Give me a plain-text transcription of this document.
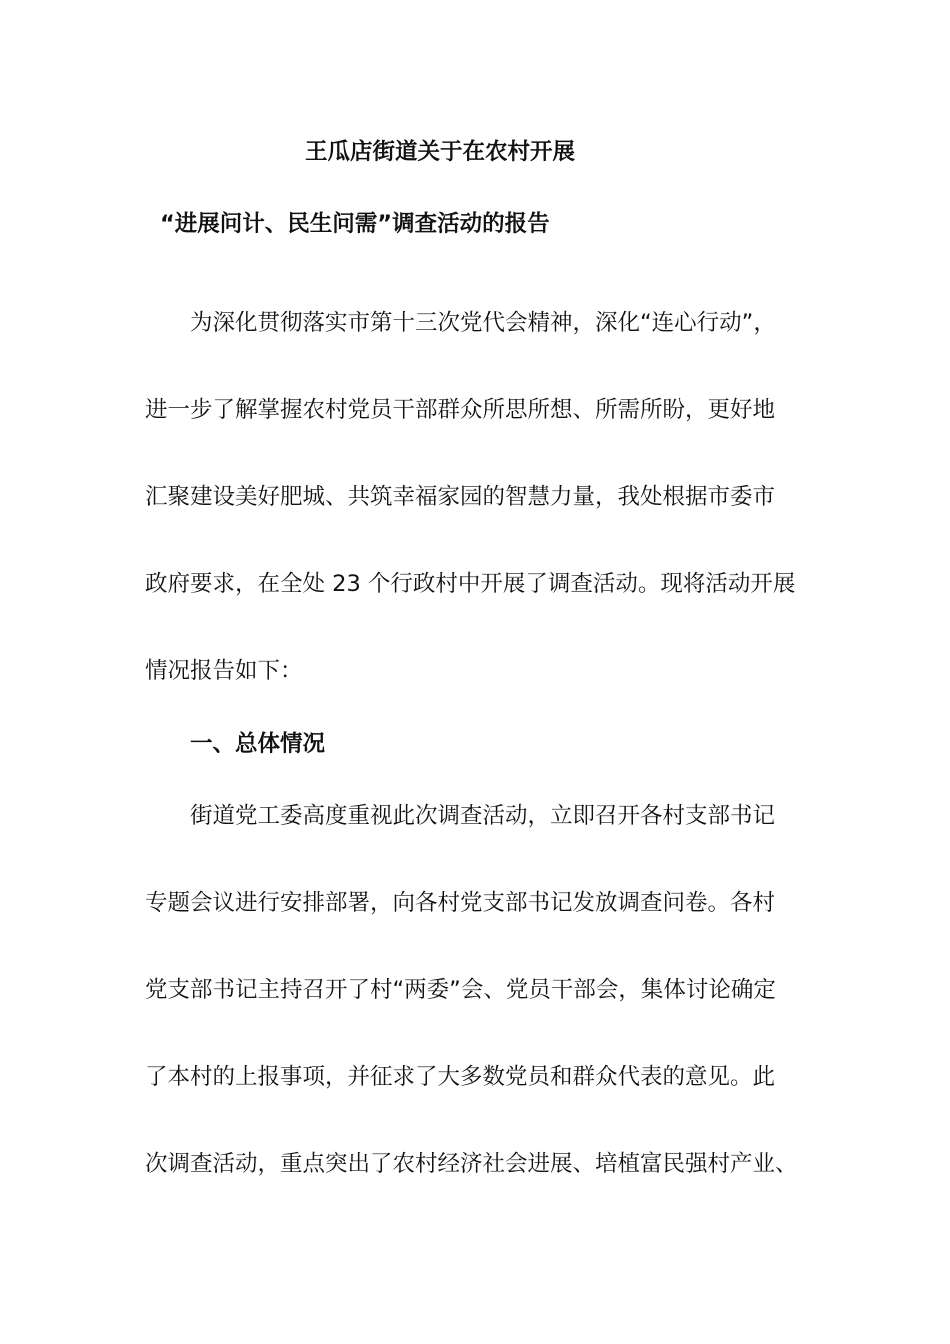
王瓜店街道关于在农村开展
“进展问计、民生问需”调查活动的报告
为深化贯彻落实市第十三次党代会精神，深化“连心行动”，
进一步了解掌握农村党员干部群众所思所想、所需所盼，更好地
汇聚建设美好肥城、共筑幸福家园的智慧力量，我处根据市委市
政府要求，在全处 23 个行政村中开展了调查活动。现将活动开展
情况报告如下：
一、总体情况
街道党工委高度重视此次调查活动，立即召开各村支部书记
专题会议进行安排部署，向各村党支部书记发放调查问卷。各村
党支部书记主持召开了村“两委”会、党员干部会，集体讨论确定
了本村的上报事项，并征求了大多数党员和群众代表的意见。此
次调查活动，重点突出了农村经济社会进展、培植富民强村产业、
